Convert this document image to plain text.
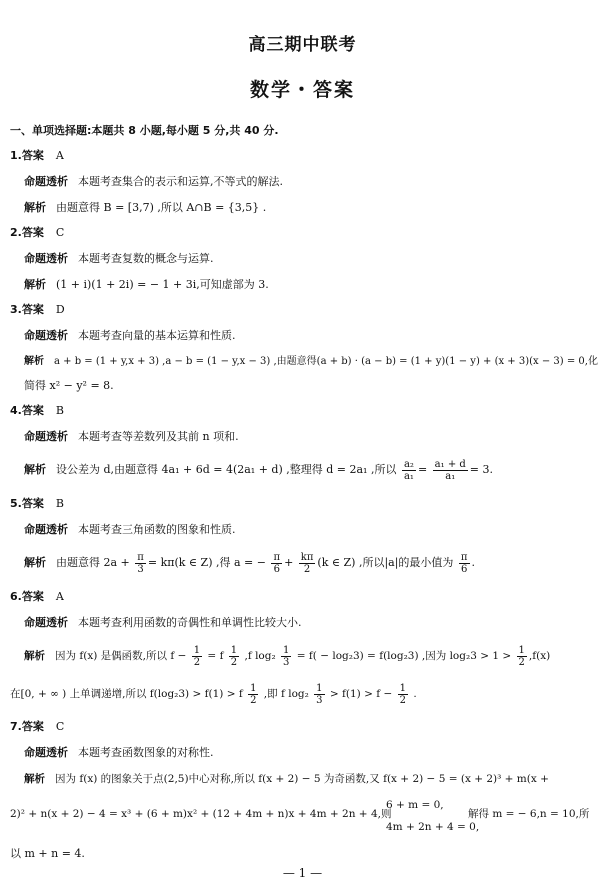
高三期中联考
数学・答案
一、单项选择题:本题共 8 小题,每小题 5 分,共 40 分.
1.答案 A
命题透析 本题考查集合的表示和运算,不等式的解法.
解析 由题意得 B = [3,7) ,所以 A∩B = {3,5} .
2.答案 C
命题透析 本题考查复数的概念与运算.
解析 (1 + i)(1 + 2i) = − 1 + 3i,可知虚部为 3.
3.答案 D
命题透析 本题考查向量的基本运算和性质.
解析 a + b = (1 + y,x + 3) ,a − b = (1 − y,x − 3) ,由题意得(a + b) · (a − b) = (1 + y)(1 − y) + (x + 3)(x − 3) = 0,化
简得 x² − y² = 8.
4.答案 B
命题透析 本题考查等差数列及其前 n 项和.
解析 设公差为 d,由题意得 4a₁ + 6d = 4(2a₁ + d) ,整理得 d = 2a₁ ,所以 $\frac{\text{a₂}}{\text{a₁}} = \frac{\text{a₁ + d}}{\text{a₁}} = 3$.
5.答案 B
命题透析 本题考查三角函数的图象和性质.
解析 由题意得 $2a + \frac{\pi}{3} = k\pi(k$ ∈ Z) ,得 a = − $\frac{\pi}{6} + \frac{k\pi}{2} (k$ ∈ Z) ,所以|a|的最小值为 $\frac{\pi}{6}$ .
6.答案 A
命题透析 本题考查利用函数的奇偶性和单调性比较大小.
解析 因为 f(x) 是偶函数,所以 $f - \frac{1}{2} = f \frac{1}{2} ,f$ $\log_2 \frac{1}{3} = f( - \log_23) = f(\log_23)$ ,因为 $\log_23 > 1 > \frac{1}{2} ,f(x)$
在[0, + ∞ ) 上单调递增,所以 f(log₂3) > f(1) > f $\frac{1}{2}$ ,即 f $\log_2 \frac{1}{3} > f(1) > f - \frac{1}{2}$ .
7.答案 C
命题透析 本题考查函数图象的对称性.
解析 因为 f(x) 的图象关于点(2,5)中心对称,所以 f(x + 2) − 5 为奇函数,又 f(x + 2) − 5 = (x + 2)³ + m(x +
2)² + n(x + 2) − 4 = x³ + (6 + m)x² + (12 + 4m + n)x + 4m + 2n + 4,则
6 + m = 0,
4m + 2n + 4 = 0,
解得 m = − 6,n = 10,所
以 m + n = 4.
— 1 —
